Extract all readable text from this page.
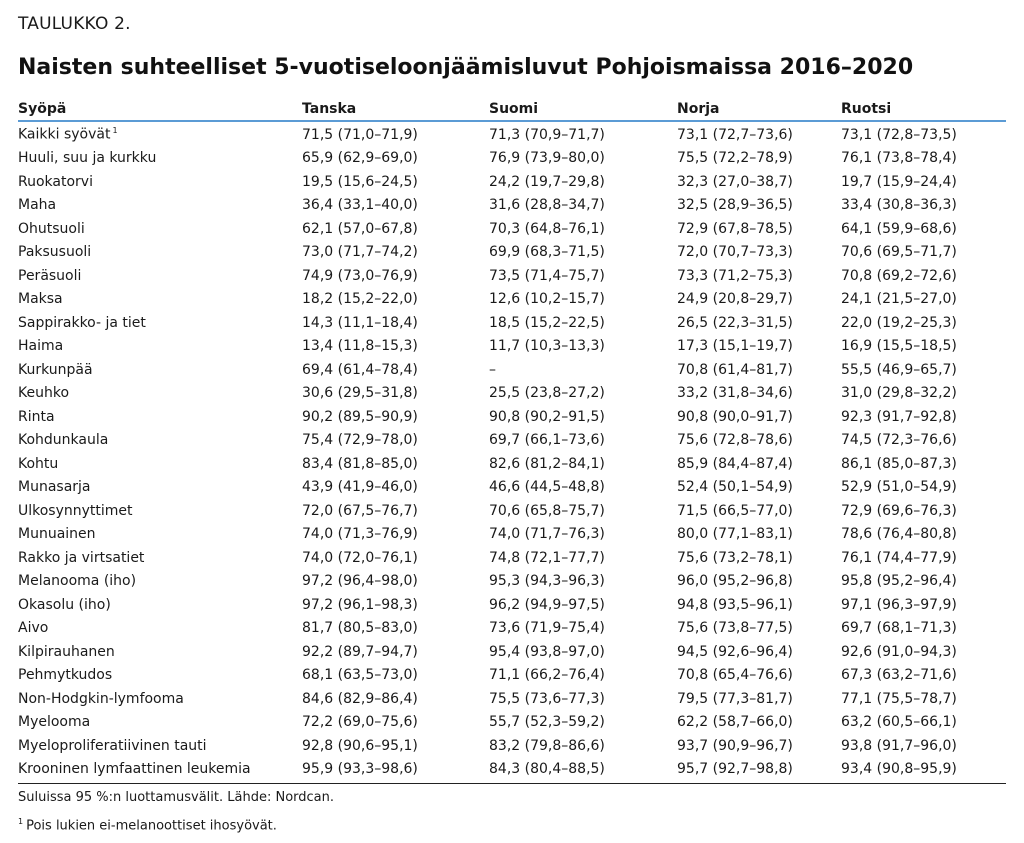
TAULUKKO 2.
Naisten suhteelliset 5-vuotiseloonjäämisluvut Pohjoismaissa 2016–2020
Syöpä	Tanska	Suomi	Norja	Ruotsi
Kaikki syövät $^1$	71,5 (71,0–71,9)	71,3 (70,9–71,7)	73,1 (72,7–73,6)	73,1 (72,8–73,5)
Huuli, suu ja kurkku	65,9 (62,9–69,0)	76,9 (73,9–80,0)	75,5 (72,2–78,9)	76,1 (73,8–78,4)
Ruokatorvi	19,5 (15,6–24,5)	24,2 (19,7–29,8)	32,3 (27,0–38,7)	19,7 (15,9–24,4)
Maha	36,4 (33,1–40,0)	31,6 (28,8–34,7)	32,5 (28,9–36,5)	33,4 (30,8–36,3)
Ohutsuoli	62,1 (57,0–67,8)	70,3 (64,8–76,1)	72,9 (67,8–78,5)	64,1 (59,9–68,6)
Paksusuoli	73,0 (71,7–74,2)	69,9 (68,3–71,5)	72,0 (70,7–73,3)	70,6 (69,5–71,7)
Peräsuoli	74,9 (73,0–76,9)	73,5 (71,4–75,7)	73,3 (71,2–75,3)	70,8 (69,2–72,6)
Maksa	18,2 (15,2–22,0)	12,6 (10,2–15,7)	24,9 (20,8–29,7)	24,1 (21,5–27,0)
Sappirakko- ja tiet	14,3 (11,1–18,4)	18,5 (15,2–22,5)	26,5 (22,3–31,5)	22,0 (19,2–25,3)
Haima	13,4 (11,8–15,3)	11,7 (10,3–13,3)	17,3 (15,1–19,7)	16,9 (15,5–18,5)
Kurkunpää	69,4 (61,4–78,4)	–	70,8 (61,4–81,7)	55,5 (46,9–65,7)
Keuhko	30,6 (29,5–31,8)	25,5 (23,8–27,2)	33,2 (31,8–34,6)	31,0 (29,8–32,2)
Rinta	90,2 (89,5–90,9)	90,8 (90,2–91,5)	90,8 (90,0–91,7)	92,3 (91,7–92,8)
Kohdunkaula	75,4 (72,9–78,0)	69,7 (66,1–73,6)	75,6 (72,8–78,6)	74,5 (72,3–76,6)
Kohtu	83,4 (81,8–85,0)	82,6 (81,2–84,1)	85,9 (84,4–87,4)	86,1 (85,0–87,3)
Munasarja	43,9 (41,9–46,0)	46,6 (44,5–48,8)	52,4 (50,1–54,9)	52,9 (51,0–54,9)
Ulkosynnyttimet	72,0 (67,5–76,7)	70,6 (65,8–75,7)	71,5 (66,5–77,0)	72,9 (69,6–76,3)
Munuainen	74,0 (71,3–76,9)	74,0 (71,7–76,3)	80,0 (77,1–83,1)	78,6 (76,4–80,8)
Rakko ja virtsatiet	74,0 (72,0–76,1)	74,8 (72,1–77,7)	75,6 (73,2–78,1)	76,1 (74,4–77,9)
Melanooma (iho)	97,2 (96,4–98,0)	95,3 (94,3–96,3)	96,0 (95,2–96,8)	95,8 (95,2–96,4)
Okasolu (iho)	97,2 (96,1–98,3)	96,2 (94,9–97,5)	94,8 (93,5–96,1)	97,1 (96,3–97,9)
Aivo	81,7 (80,5–83,0)	73,6 (71,9–75,4)	75,6 (73,8–77,5)	69,7 (68,1–71,3)
Kilpirauhanen	92,2 (89,7–94,7)	95,4 (93,8–97,0)	94,5 (92,6–96,4)	92,6 (91,0–94,3)
Pehmytkudos	68,1 (63,5–73,0)	71,1 (66,2–76,4)	70,8 (65,4–76,6)	67,3 (63,2–71,6)
Non-Hodgkin-lymfooma	84,6 (82,9–86,4)	75,5 (73,6–77,3)	79,5 (77,3–81,7)	77,1 (75,5–78,7)
Myelooma	72,2 (69,0–75,6)	55,7 (52,3–59,2)	62,2 (58,7–66,0)	63,2 (60,5–66,1)
Myeloproliferatiivinen tauti	92,8 (90,6–95,1)	83,2 (79,8–86,6)	93,7 (90,9–96,7)	93,8 (91,7–96,0)
Krooninen lymfaattinen leukemia	95,9 (93,3–98,6)	84,3 (80,4–88,5)	95,7 (92,7–98,8)	93,4 (90,8–95,9)
Suluissa 95 %:n luottamusvälit. Lähde: Nordcan.
$^1$ Pois lukien ei-melanoottiset ihosyövät.
